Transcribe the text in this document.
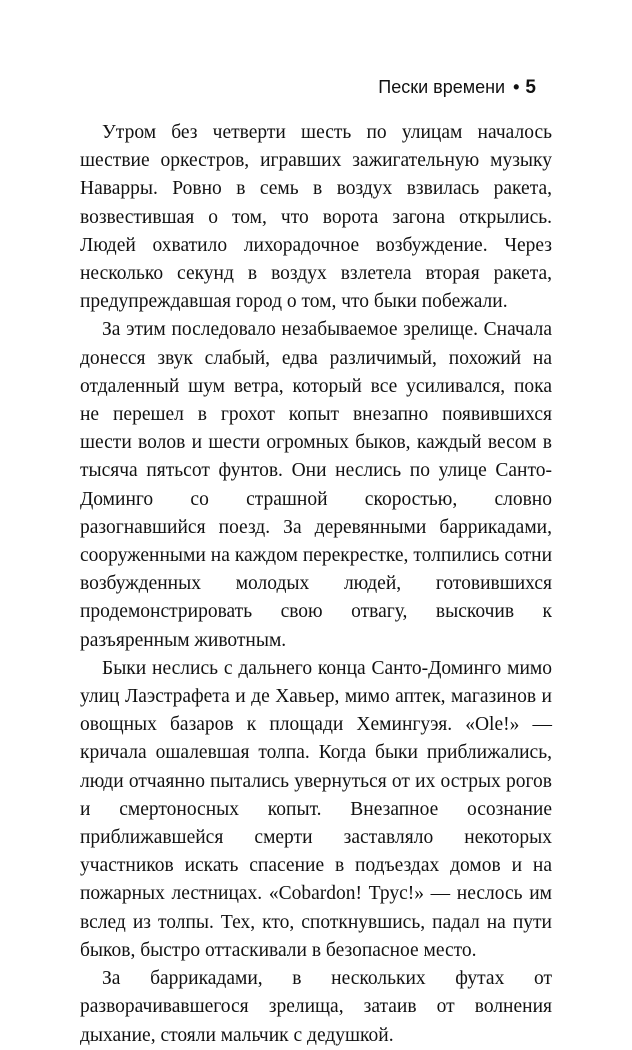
Пески времени • 5

Утром без четверти шесть по улицам началось шествие оркестров, игравших зажигательную музыку Наварры. Ровно в семь в воздух взвилась ракета, возвестившая о том, что ворота загона открылись. Людей охватило лихорадочное возбуждение. Через несколько секунд в воздух взлетела вторая ракета, предупреждавшая город о том, что быки побежали.

За этим последовало незабываемое зрелище. Сначала донесся звук слабый, едва различимый, похожий на отдаленный шум ветра, который все усиливался, пока не перешел в грохот копыт внезапно появившихся шести волов и шести огромных быков, каждый весом в тысяча пятьсот фунтов. Они неслись по улице Санто-Доминго со страшной скоростью, словно разогнавшийся поезд. За деревянными баррикадами, сооруженными на каждом перекрестке, толпились сотни возбужденных молодых людей, готовившихся продемонстрировать свою отвагу, выскочив к разъяренным животным.

Быки неслись с дальнего конца Санто-Доминго мимо улиц Лаэстрафета и де Хавьер, мимо аптек, магазинов и овощных базаров к площади Хемингуэя. «Olе!» — кричала ошалевшая толпа. Когда быки приближались, люди отчаянно пытались увернуться от их острых рогов и смертоносных копыт. Внезапное осознание приближавшейся смерти заставляло некоторых участников искать спасение в подъездах домов и на пожарных лестницах. «Cobardon! Трус!» — неслось им вслед из толпы. Тех, кто, споткнувшись, падал на пути быков, быстро оттаскивали в безопасное место.

За баррикадами, в нескольких футах от разворачивавшегося зрелища, затаив от волнения дыхание, стояли мальчик с дедушкой.
